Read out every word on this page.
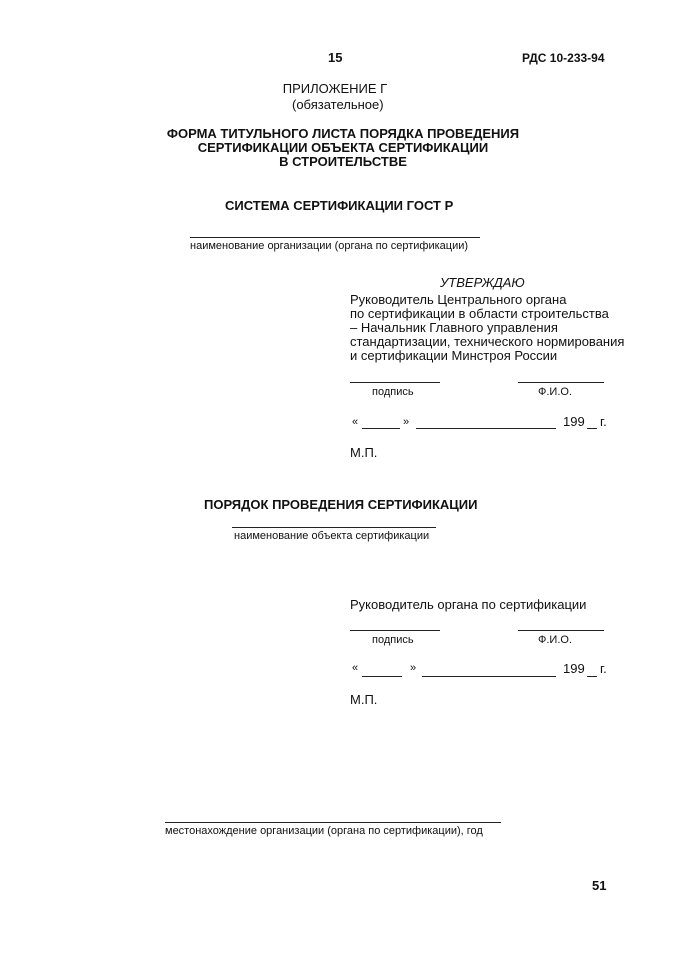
15	РДС 10-233-94
ПРИЛОЖЕНИЕ Г
(обязательное)
ФОРМА ТИТУЛЬНОГО ЛИСТА ПОРЯДКА ПРОВЕДЕНИЯ
СЕРТИФИКАЦИИ ОБЪЕКТА СЕРТИФИКАЦИИ
В СТРОИТЕЛЬСТВЕ
СИСТЕМА СЕРТИФИКАЦИИ ГОСТ Р
наименование организации (органа по сертификации)
УТВЕРЖДАЮ
Руководитель Центрального органа
по сертификации в области строительства
– Начальник Главного управления
стандартизации, технического нормирования
и сертификации Минстроя России
подпись	Ф.И.О.
«	»	199 г.
М.П.
ПОРЯДОК ПРОВЕДЕНИЯ СЕРТИФИКАЦИИ
наименование объекта сертификации
Руководитель органа по сертификации
подпись	Ф.И.О.
«	»	199 г.
М.П.
местонахождение организации (органа по сертификации), год
51
